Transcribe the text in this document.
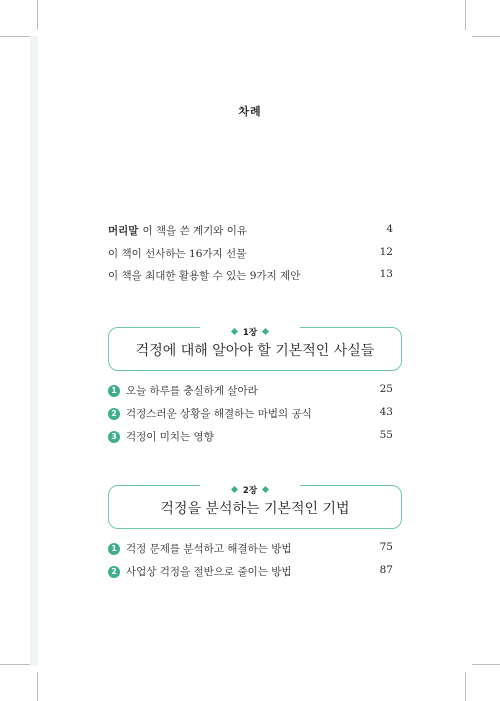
차례
머리말 이 책을 쓴 계기와 이유	4
이 책이 선사하는 16가지 선물	12
이 책을 최대한 활용할 수 있는 9가지 제안	13
걱정에 대해 알아야 할 기본적인 사실들
1장
1 오늘 하루를 충실하게 살아라	25
2 걱정스러운 상황을 해결하는 마법의 공식	43
3 걱정이 미치는 영향	55
걱정을 분석하는 기본적인 기법
2장
1 걱정 문제를 분석하고 해결하는 방법	75
2 사업상 걱정을 절반으로 줄이는 방법	87
